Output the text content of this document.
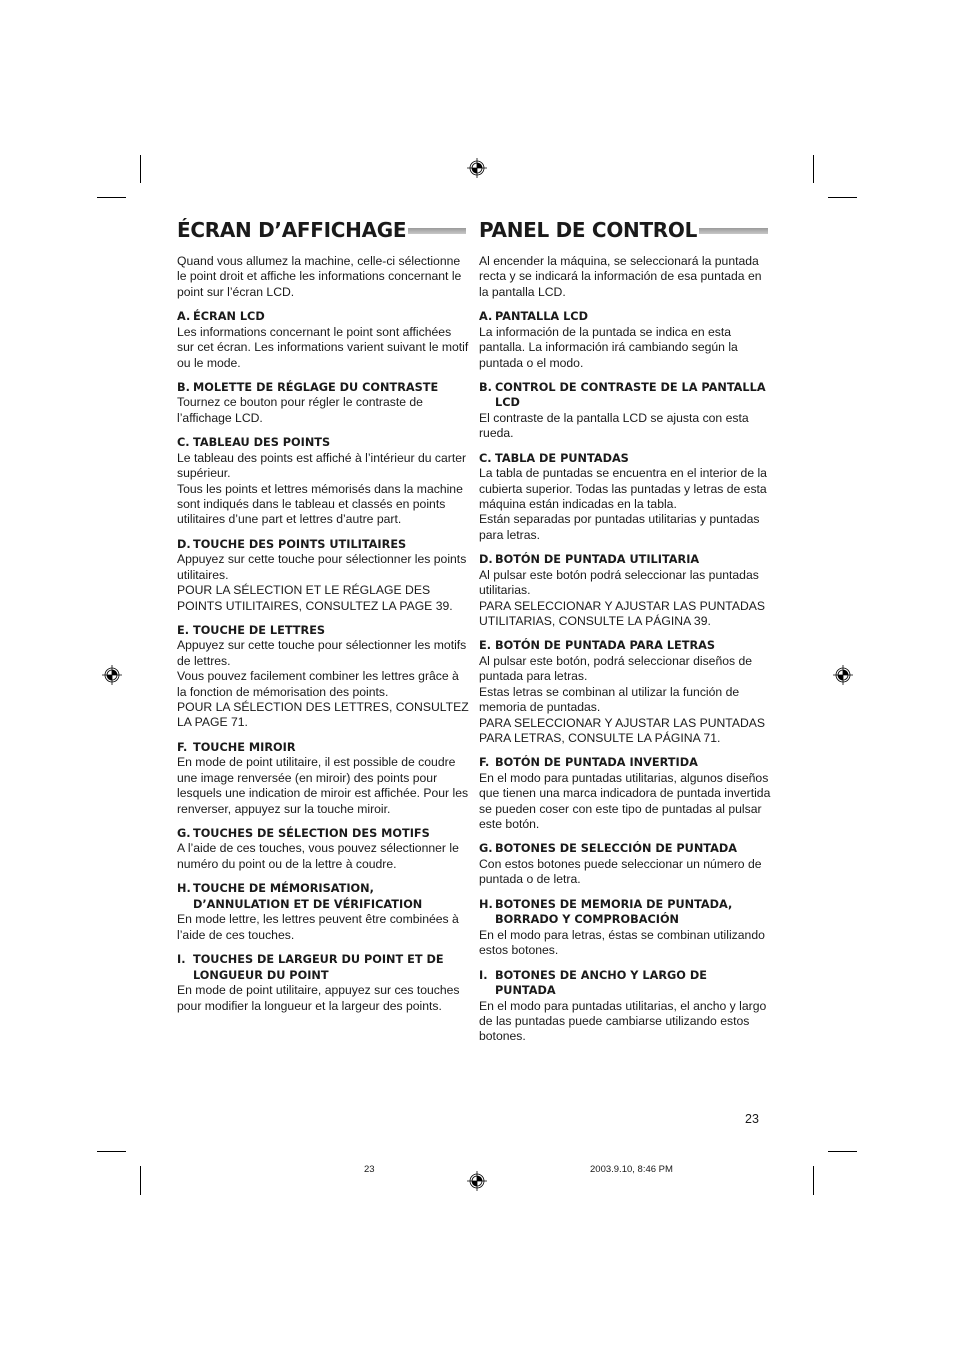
ÉCRAN D’AFFICHAGE

Quand vous allumez la machine, celle-ci sélectionne le point droit et affiche les informations concernant le point sur l’écran LCD.

A. ÉCRAN LCD

Les informations concernant le point sont affichées sur cet écran. Les informations varient suivant le motif ou le mode.

B. MOLETTE DE RÉGLAGE DU CONTRASTE

Tournez ce bouton pour régler le contraste de l’affichage LCD.

C. TABLEAU DES POINTS

Le tableau des points est affiché à l’intérieur du carter supérieur.

Tous les points et lettres mémorisés dans la machine sont indiqués dans le tableau et classés en points utilitaires d’une part et lettres d’autre part.

D. TOUCHE DES POINTS UTILITAIRES

Appuyez sur cette touche pour sélectionner les points utilitaires.

POUR LA SÉLECTION ET LE RÉGLAGE DES POINTS UTILITAIRES, CONSULTEZ LA PAGE 39.

E. TOUCHE DE LETTRES

Appuyez sur cette touche pour sélectionner les motifs de lettres.

Vous pouvez facilement combiner les lettres grâce à la fonction de mémorisation des points.

POUR LA SÉLECTION DES LETTRES, CONSULTEZ LA PAGE 71.

F. TOUCHE MIROIR

En mode de point utilitaire, il est possible de coudre une image renversée (en miroir) des points pour lesquels une indication de miroir est affichée. Pour les renverser, appuyez sur la touche miroir.

G. TOUCHES DE SÉLECTION DES MOTIFS

A l’aide de ces touches, vous pouvez sélectionner le numéro du point ou de la lettre à coudre.

H. TOUCHE DE MÉMORISATION, D’ANNULATION ET DE VÉRIFICATION

En mode lettre, les lettres peuvent être combinées à l’aide de ces touches.

I. TOUCHES DE LARGEUR DU POINT ET DE LONGUEUR DU POINT

En mode de point utilitaire, appuyez sur ces touches pour modifier la longueur et la largeur des points.

PANEL DE CONTROL

Al encender la máquina, se seleccionará la puntada recta y se indicará la información de esa puntada en la pantalla LCD.

A. PANTALLA LCD

La información de la puntada se indica en esta pantalla. La información irá cambiando según la puntada o el modo.

B. CONTROL DE CONTRASTE DE LA PANTALLA LCD

El contraste de la pantalla LCD se ajusta con esta rueda.

C. TABLA DE PUNTADAS

La tabla de puntadas se encuentra en el interior de la cubierta superior. Todas las puntadas y letras de esta máquina están indicadas en la tabla.

Están separadas por puntadas utilitarias y puntadas para letras.

D. BOTÓN DE PUNTADA UTILITARIA

Al pulsar este botón podrá seleccionar las puntadas utilitarias.

PARA SELECCIONAR Y AJUSTAR LAS PUNTADAS UTILITARIAS, CONSULTE LA PÁGINA 39.

E. BOTÓN DE PUNTADA PARA LETRAS

Al pulsar este botón, podrá seleccionar diseños de puntada para letras.

Estas letras se combinan al utilizar la función de memoria de puntadas.

PARA SELECCIONAR Y AJUSTAR LAS PUNTADAS PARA LETRAS, CONSULTE LA PÁGINA 71.

F. BOTÓN DE PUNTADA INVERTIDA

En el modo para puntadas utilitarias, algunos diseños que tienen una marca indicadora de puntada invertida se pueden coser con este tipo de puntadas al pulsar este botón.

G. BOTONES DE SELECCIÓN DE PUNTADA

Con estos botones puede seleccionar un número de puntada o de letra.

H. BOTONES DE MEMORIA DE PUNTADA, BORRADO Y COMPROBACIÓN

En el modo para letras, éstas se combinan utilizando estos botones.

I. BOTONES DE ANCHO Y LARGO DE PUNTADA

En el modo para puntadas utilitarias, el ancho y largo de las puntadas puede cambiarse utilizando estos botones.

23
23	2003.9.10, 8:46 PM
